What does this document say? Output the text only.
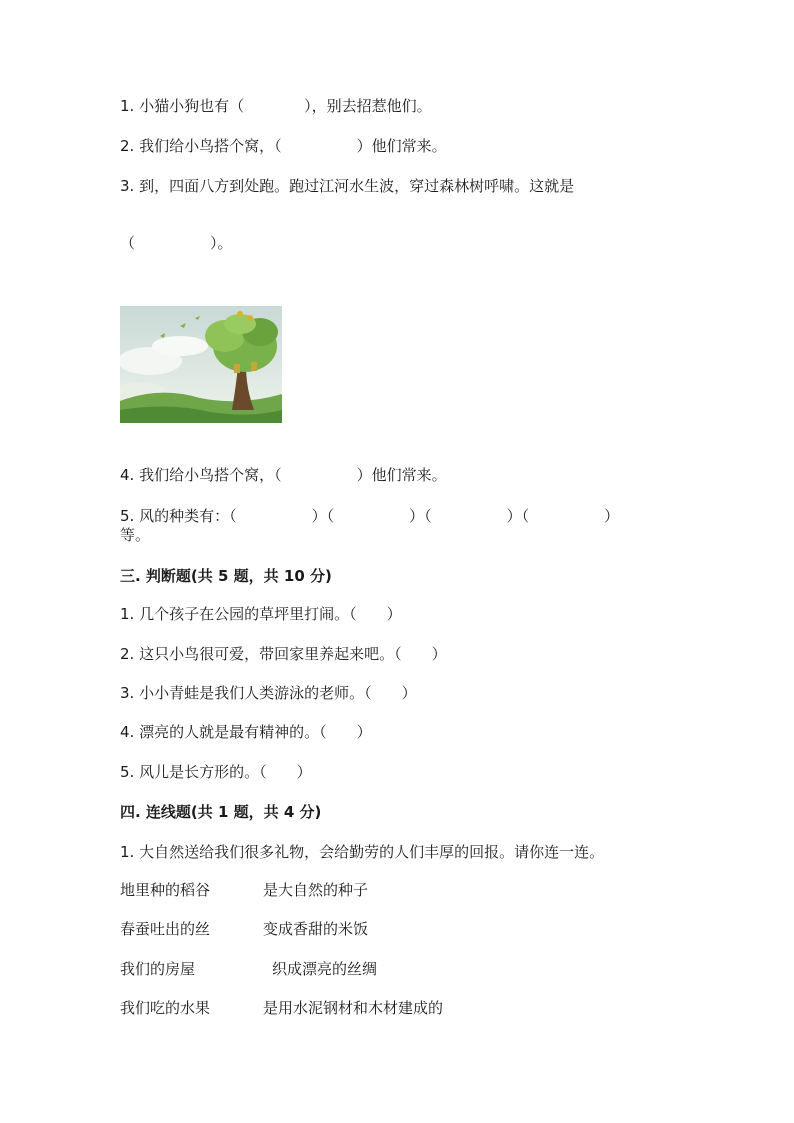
1. 小猫小狗也有（　　　　），别去招惹他们。
2. 我们给小鸟搭个窝，（　　　　　）他们常来。
3. 到，四面八方到处跑。跑过江河水生波，穿过森林树呼啸。这就是
（　　　　　）。
4. 我们给小鸟搭个窝，（　　　　　）他们常来。
5. 风的种类有：（　　　　　）（　　　　　）（　　　　　）（　　　　　）
等。
三. 判断题(共 5 题，共 10 分)
1. 几个孩子在公园的草坪里打闹。（　　）
2. 这只小鸟很可爱，带回家里养起来吧。（　　）
3. 小小青蛙是我们人类游泳的老师。（　　）
4. 漂亮的人就是最有精神的。（　　）
5. 风儿是长方形的。（　　）
四. 连线题(共 1 题，共 4 分)
1. 大自然送给我们很多礼物，会给勤劳的人们丰厚的回报。请你连一连。
地里种的稻谷	是大自然的种子
春蚕吐出的丝	变成香甜的米饭
我们的房屋	织成漂亮的丝绸
我们吃的水果	是用水泥钢材和木材建成的
